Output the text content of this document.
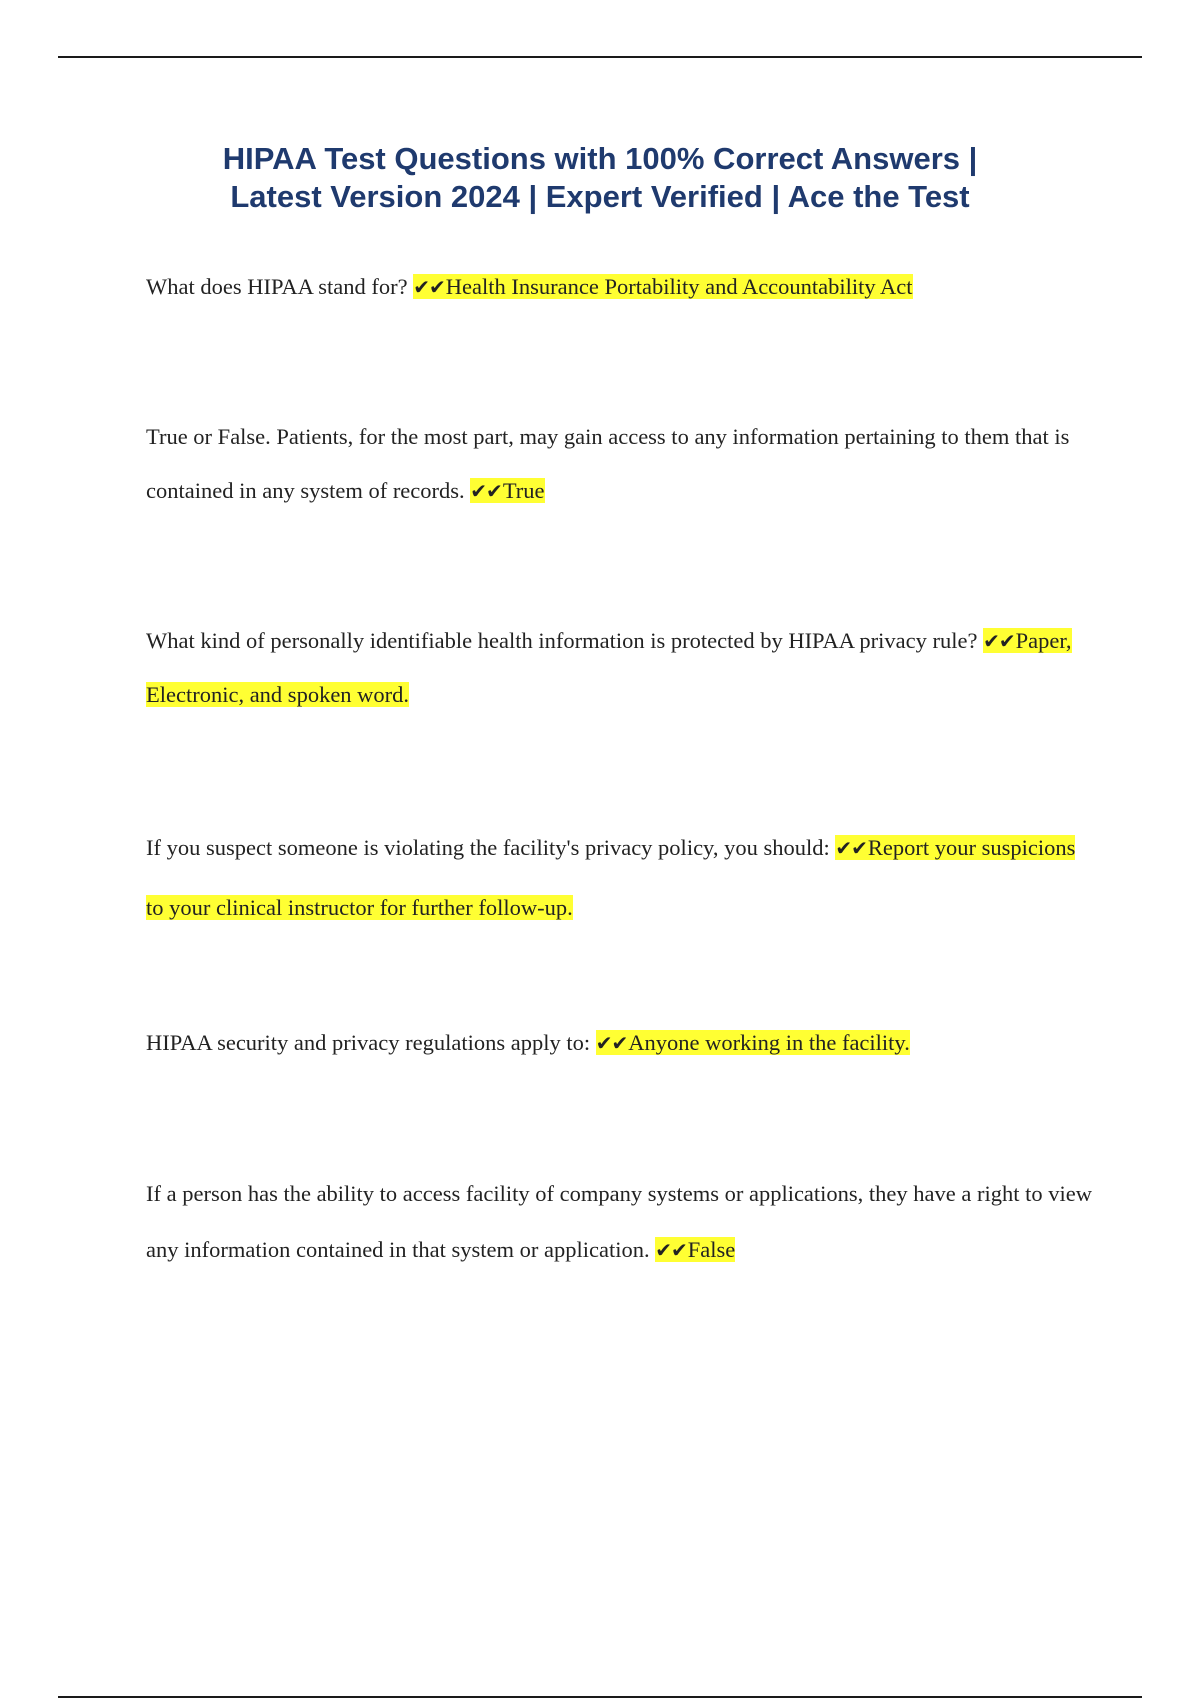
HIPAA Test Questions with 100% Correct Answers |
Latest Version 2024 | Expert Verified | Ace the Test

What does HIPAA stand for? ✔✔Health Insurance Portability and Accountability Act

True or False. Patients, for the most part, may gain access to any information pertaining to them that is contained in any system of records. ✔✔True

What kind of personally identifiable health information is protected by HIPAA privacy rule? ✔✔Paper, Electronic, and spoken word.

If you suspect someone is violating the facility's privacy policy, you should: ✔✔Report your suspicions to your clinical instructor for further follow-up.

HIPAA security and privacy regulations apply to: ✔✔Anyone working in the facility.

If a person has the ability to access facility of company systems or applications, they have a right to view any information contained in that system or application. ✔✔False
